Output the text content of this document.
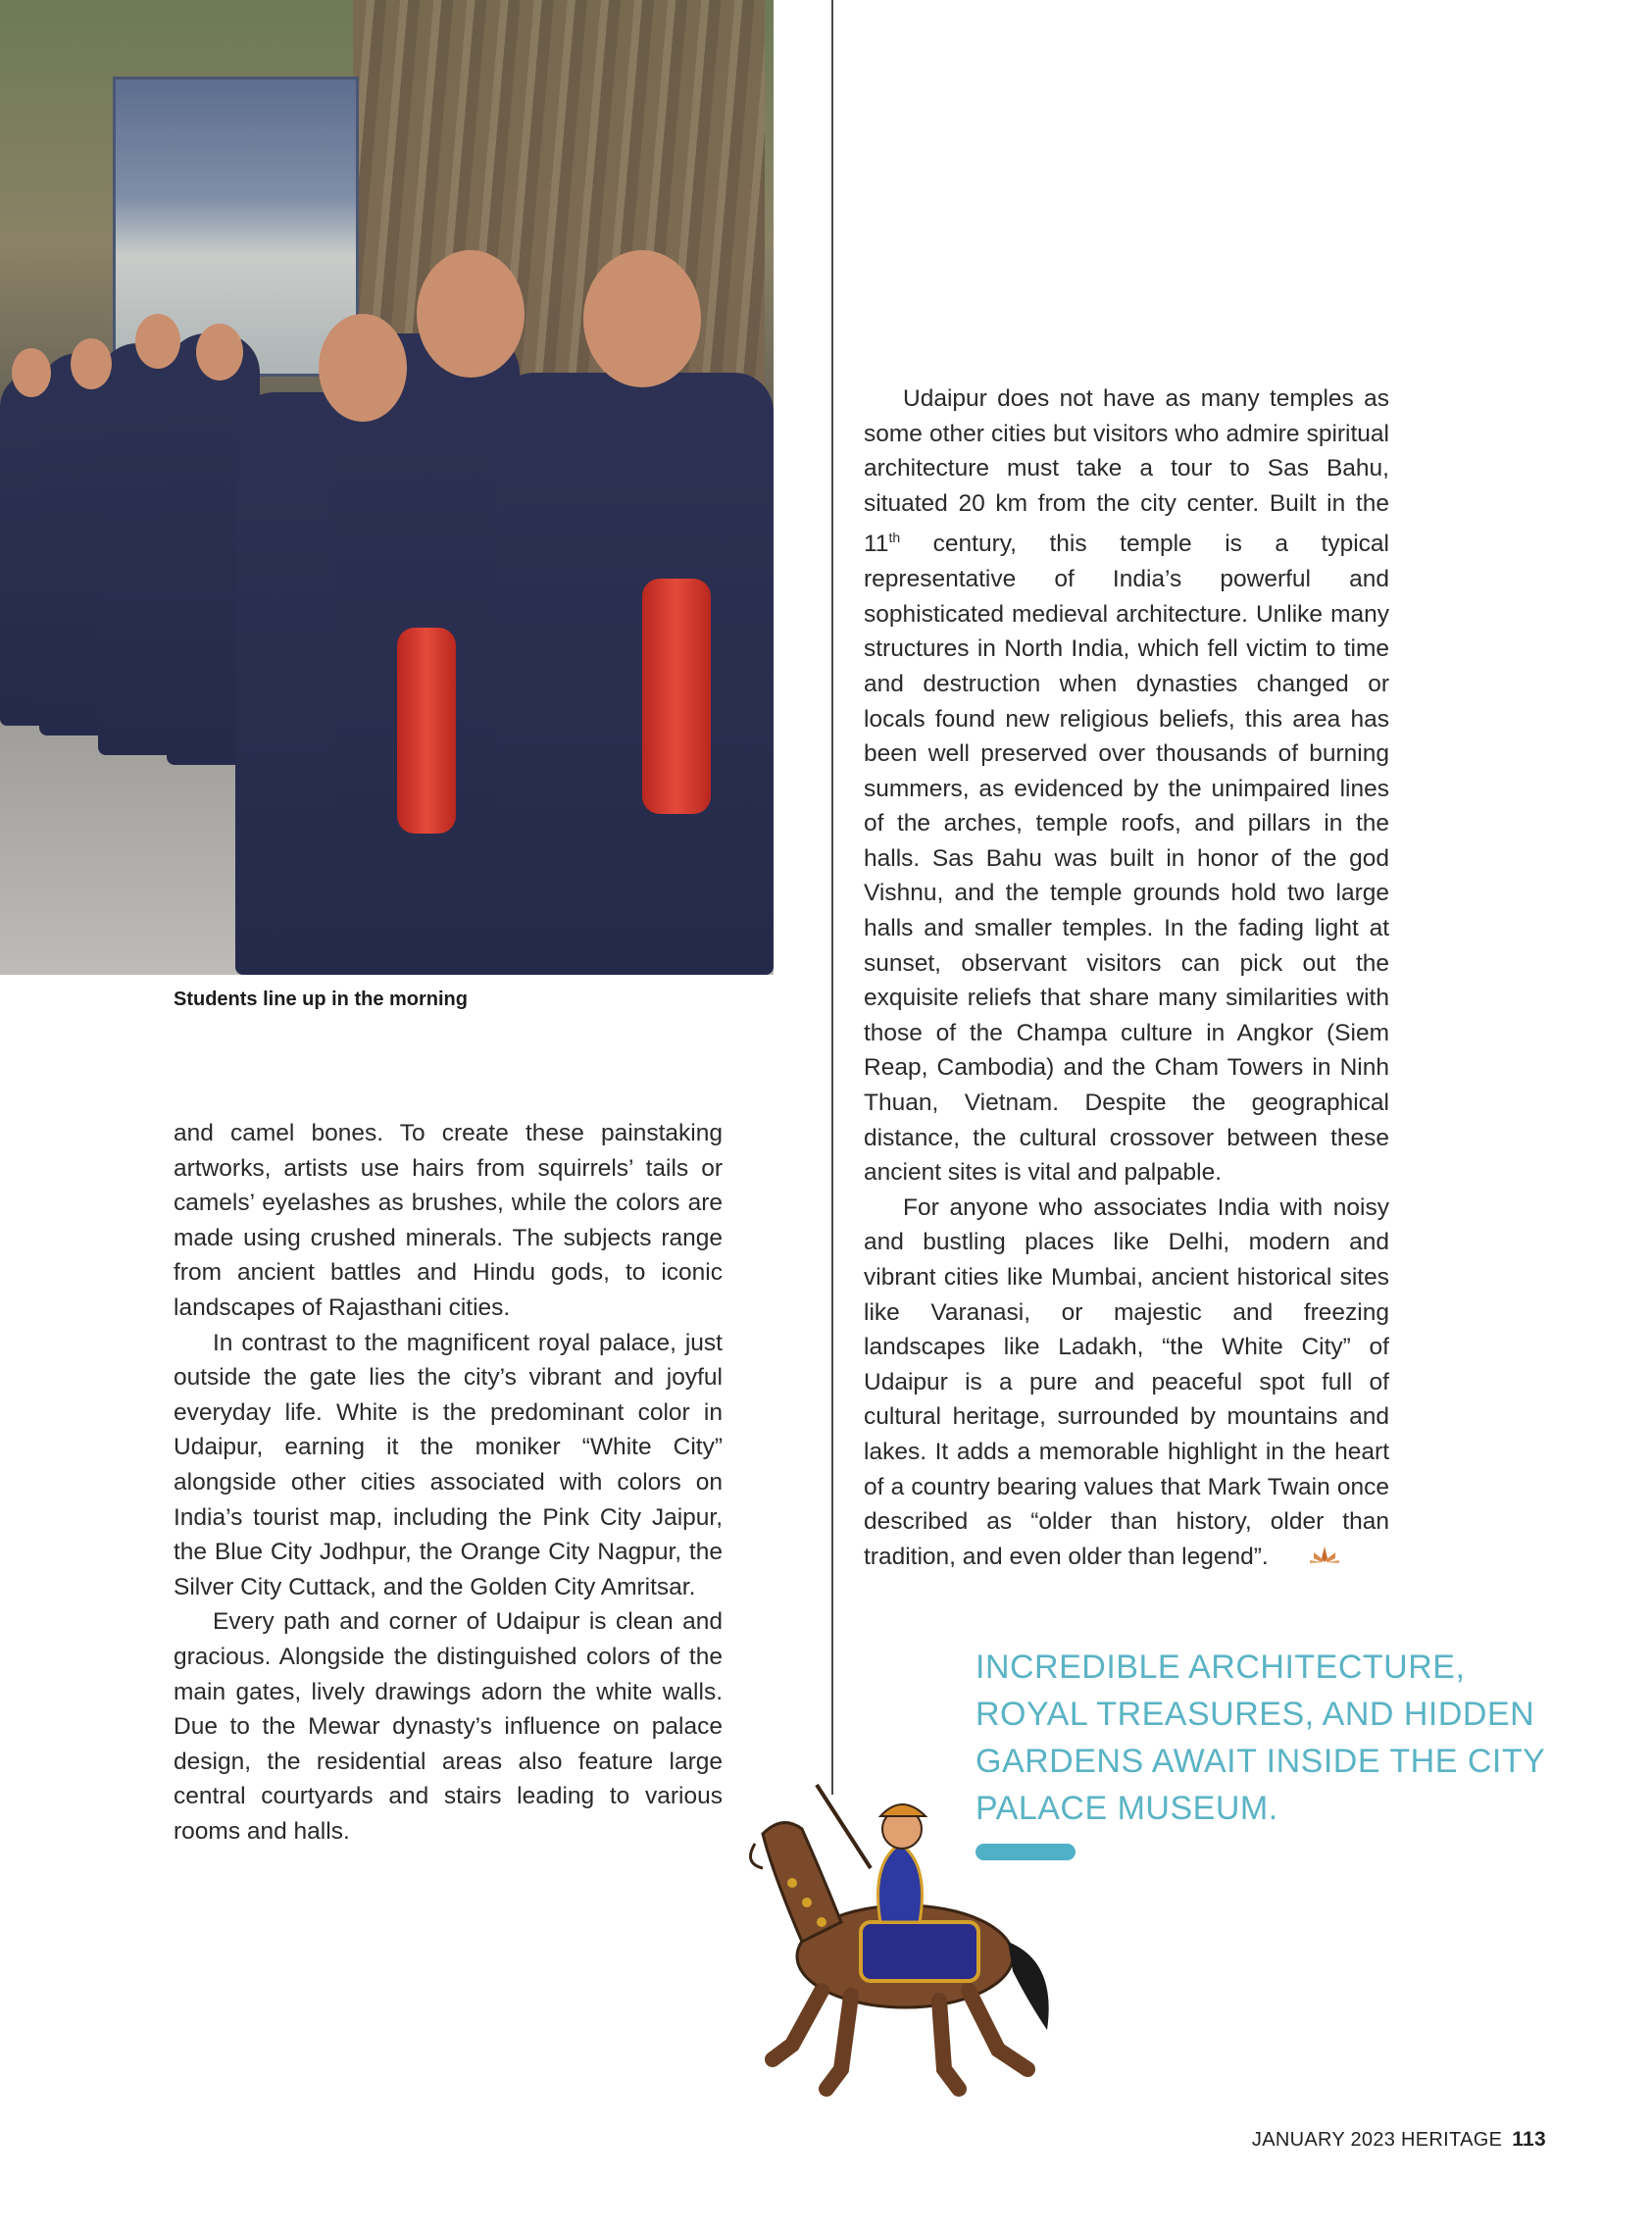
Students line up in the morning

and camel bones. To create these painstaking artworks, artists use hairs from squirrels’ tails or camels’ eyelashes as brushes, while the colors are made using crushed minerals. The subjects range from ancient battles and Hindu gods, to iconic landscapes of Rajasthani cities.

In contrast to the magnificent royal palace, just outside the gate lies the city’s vibrant and joyful everyday life. White is the predominant color in Udaipur, earning it the moniker “White City” alongside other cities associated with colors on India’s tourist map, including the Pink City Jaipur, the Blue City Jodhpur, the Orange City Nagpur, the Silver City Cuttack, and the Golden City Amritsar.

Every path and corner of Udaipur is clean and gracious. Alongside the distinguished colors of the main gates, lively drawings adorn the white walls. Due to the Mewar dynasty’s influence on palace design, the residential areas also feature large central courtyards and stairs leading to various rooms and halls.

Udaipur does not have as many temples as some other cities but visitors who admire spiritual architecture must take a tour to Sas Bahu, situated 20 km from the city center. Built in the 11th century, this temple is a typical representative of India’s powerful and sophisticated medieval architecture. Unlike many structures in North India, which fell victim to time and destruction when dynasties changed or locals found new religious beliefs, this area has been well preserved over thousands of burning summers, as evidenced by the unimpaired lines of the arches, temple roofs, and pillars in the halls. Sas Bahu was built in honor of the god Vishnu, and the temple grounds hold two large halls and smaller temples. In the fading light at sunset, observant visitors can pick out the exquisite reliefs that share many similarities with those of the Champa culture in Angkor (Siem Reap, Cambodia) and the Cham Towers in Ninh Thuan, Vietnam. Despite the geographical distance, the cultural crossover between these ancient sites is vital and palpable.

For anyone who associates India with noisy and bustling places like Delhi, modern and vibrant cities like Mumbai, ancient historical sites like Varanasi, or majestic and freezing landscapes like Ladakh, “the White City” of Udaipur is a pure and peaceful spot full of cultural heritage, surrounded by mountains and lakes. It adds a memorable highlight in the heart of a country bearing values that Mark Twain once described as “older than history, older than tradition, and even older than legend”.

INCREDIBLE ARCHITECTURE, ROYAL TREASURES, AND HIDDEN GARDENS AWAIT INSIDE THE CITY PALACE MUSEUM.
JANUARY 2023 HERITAGE 113
